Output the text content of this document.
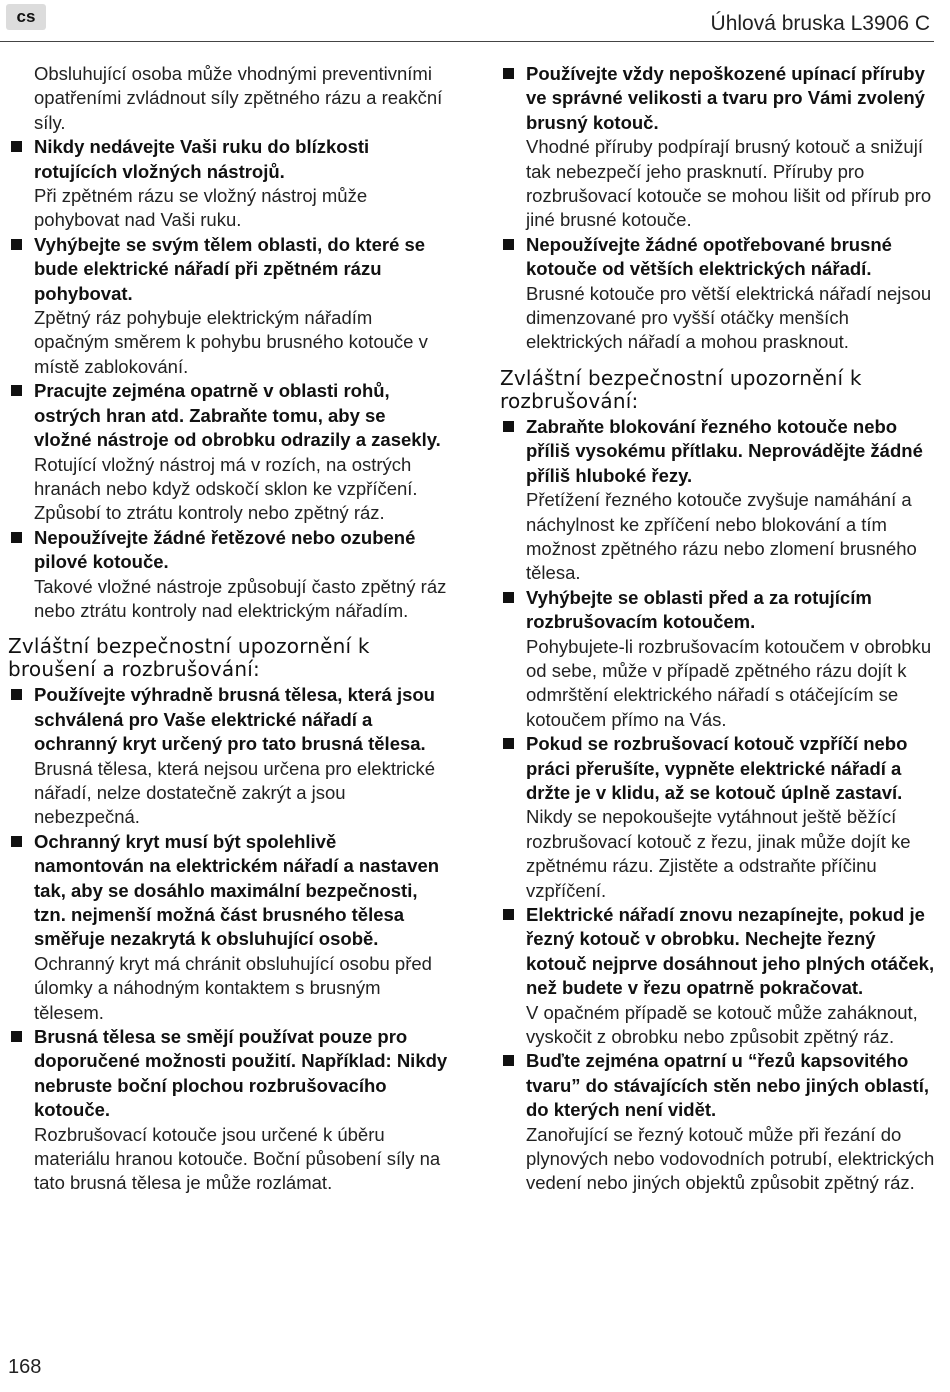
cs	Úhlová bruska L3906 C

Obsluhující osoba může vhodnými preventivními opatřeními zvládnout síly zpětného rázu a reakční síly.

Nikdy nedávejte Vaši ruku do blízkosti rotujících vložných nástrojů.

Při zpětném rázu se vložný nástroj může pohybovat nad Vaši ruku.

Vyhýbejte se svým tělem oblasti, do které se bude elektrické nářadí při zpětném rázu pohybovat.

Zpětný ráz pohybuje elektrickým nářadím opačným směrem k pohybu brusného kotouče v místě zablokování.

Pracujte zejména opatrně v oblasti rohů, ostrých hran atd. Zabraňte tomu, aby se vložné nástroje od obrobku odrazily a zasekly.

Rotující vložný nástroj má v rozích, na ostrých hranách nebo když odskočí sklon ke vzpříčení. Způsobí to ztrátu kontroly nebo zpětný ráz.

Nepoužívejte žádné řetězové nebo ozubené pilové kotouče.

Takové vložné nástroje způsobují často zpětný ráz nebo ztrátu kontroly nad elektrickým nářadím.

Zvláštní bezpečnostní upozornění k broušení a rozbrušování:

Používejte výhradně brusná tělesa, která jsou schválená pro Vaše elektrické nářadí a ochranný kryt určený pro tato brusná tělesa.

Brusná tělesa, která nejsou určena pro elektrické nářadí, nelze dostatečně zakrýt a jsou nebezpečná.

Ochranný kryt musí být spolehlivě namontován na elektrickém nářadí a nastaven tak, aby se dosáhlo maximální bezpečnosti, tzn. nejmenší možná část brusného tělesa směřuje nezakrytá k obsluhující osobě.

Ochranný kryt má chránit obsluhující osobu před úlomky a náhodným kontaktem s brusným tělesem.

Brusná tělesa se smějí používat pouze pro doporučené možnosti použití. Například: Nikdy nebruste boční plochou rozbrušovacího kotouče.

Rozbrušovací kotouče jsou určené k úběru materiálu hranou kotouče. Boční působení síly na tato brusná tělesa je může rozlámat.

Používejte vždy nepoškozené upínací příruby ve správné velikosti a tvaru pro Vámi zvolený brusný kotouč.

Vhodné příruby podpírají brusný kotouč a snižují tak nebezpečí jeho prasknutí. Příruby pro rozbrušovací kotouče se mohou lišit od přírub pro jiné brusné kotouče.

Nepoužívejte žádné opotřebované brusné kotouče od větších elektrických nářadí.

Brusné kotouče pro větší elektrická nářadí nejsou dimenzované pro vyšší otáčky menších elektrických nářadí a mohou prasknout.

Zvláštní bezpečnostní upozornění k rozbrušování:

Zabraňte blokování řezného kotouče nebo příliš vysokému přítlaku. Neprovádějte žádné příliš hluboké řezy.

Přetížení řezného kotouče zvyšuje namáhání a náchylnost ke zpříčení nebo blokování a tím možnost zpětného rázu nebo zlomení brusného tělesa.

Vyhýbejte se oblasti před a za rotujícím rozbrušovacím kotoučem.

Pohybujete-li rozbrušovacím kotoučem v obrobku od sebe, může v případě zpětného rázu dojít k odmrštění elektrického nářadí s otáčejícím se kotoučem přímo na Vás.

Pokud se rozbrušovací kotouč vzpříčí nebo práci přerušíte, vypněte elektrické nářadí a držte je v klidu, až se kotouč úplně zastaví.

Nikdy se nepokoušejte vytáhnout ještě běžící rozbrušovací kotouč z řezu, jinak může dojít ke zpětnému rázu. Zjistěte a odstraňte příčinu vzpříčení.

Elektrické nářadí znovu nezapínejte, pokud je řezný kotouč v obrobku. Nechejte řezný kotouč nejprve dosáhnout jeho plných otáček, než budete v řezu opatrně pokračovat.

V opačném případě se kotouč může zaháknout, vyskočit z obrobku nebo způsobit zpětný ráz.

Buďte zejména opatrní u “řezů kapsovitého tvaru” do stávajících stěn nebo jiných oblastí, do kterých není vidět.

Zanořující se řezný kotouč může při řezání do plynových nebo vodovodních potrubí, elektrických vedení nebo jiných objektů způsobit zpětný ráz.

168
